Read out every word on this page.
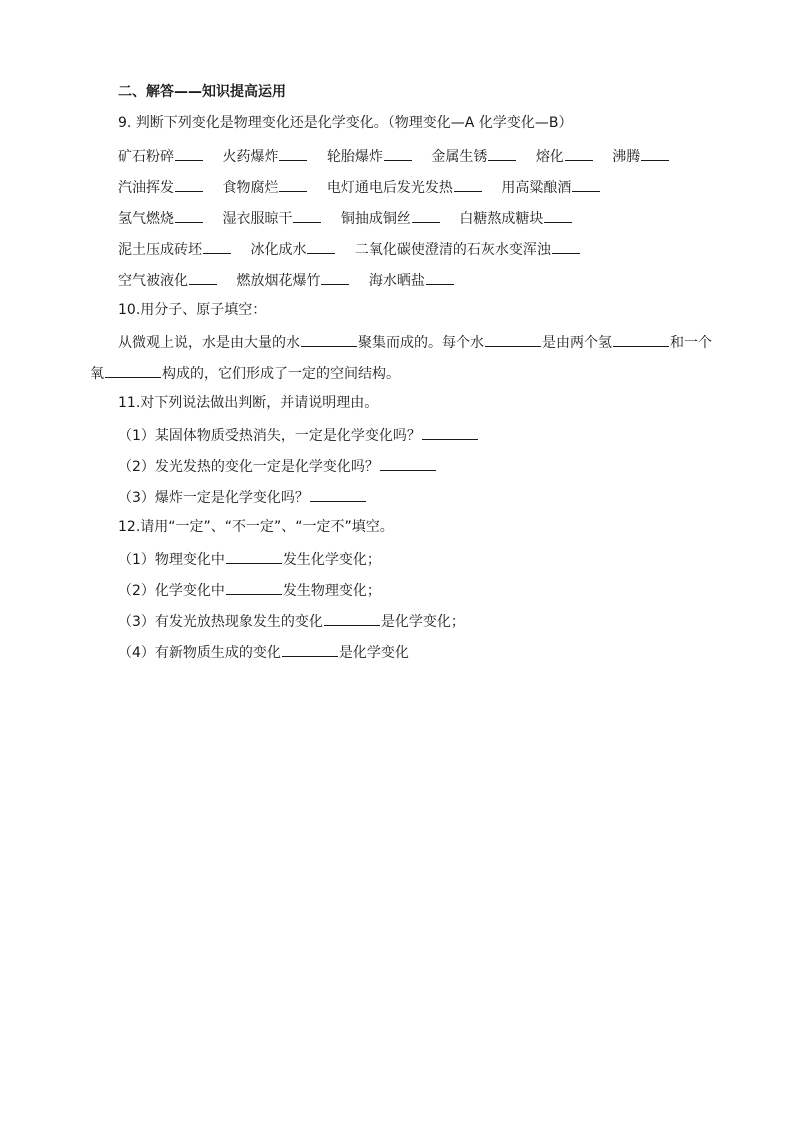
二、解答——知识提高运用
9. 判断下列变化是物理变化还是化学变化。（物理变化—A 化学变化—B）
矿石粉碎	火药爆炸	轮胎爆炸	金属生锈	熔化	沸腾
汽油挥发	食物腐烂	电灯通电后发光发热	用高粱酿酒
氢气燃烧	湿衣服晾干	铜抽成铜丝	白糖熬成糖块
泥土压成砖坯	冰化成水	二氧化碳使澄清的石灰水变浑浊
空气被液化	燃放烟花爆竹	海水晒盐
10.用分子、原子填空：
从微观上说，水是由大量的水	聚集而成的。每个水	是由两个氢	和一个
氧	构成的，它们形成了一定的空间结构。
11.对下列说法做出判断，并请说明理由。
（1）某固体物质受热消失，一定是化学变化吗？
（2）发光发热的变化一定是化学变化吗？
（3）爆炸一定是化学变化吗？
12.请用“一定”、“不一定”、“一定不”填空。
（1）物理变化中	发生化学变化；
（2）化学变化中	发生物理变化；
（3）有发光放热现象发生的变化	是化学变化；
（4）有新物质生成的变化	是化学变化
